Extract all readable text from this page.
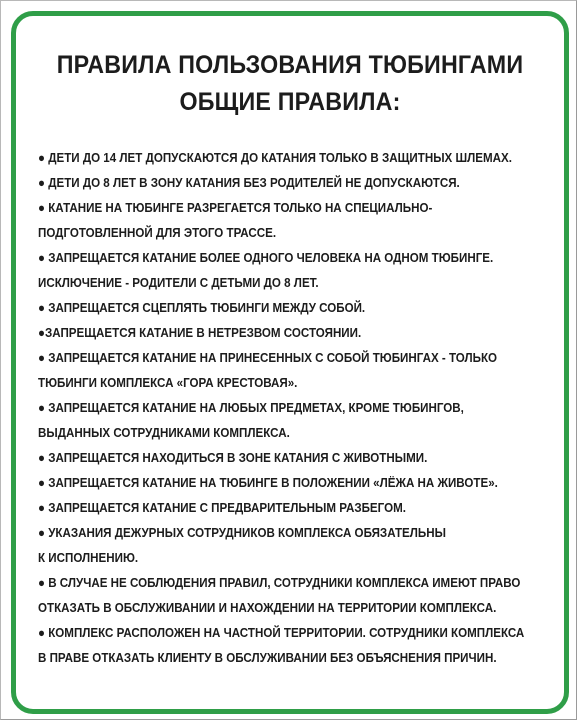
ПРАВИЛА ПОЛЬЗОВАНИЯ ТЮБИНГАМИ
ОБЩИЕ ПРАВИЛА:
● ДЕТИ ДО 14 ЛЕТ ДОПУСКАЮТСЯ ДО КАТАНИЯ ТОЛЬКО В ЗАЩИТНЫХ ШЛЕМАХ.
● ДЕТИ ДО 8 ЛЕТ В ЗОНУ КАТАНИЯ БЕЗ РОДИТЕЛЕЙ НЕ ДОПУСКАЮТСЯ.
● КАТАНИЕ НА ТЮБИНГЕ РАЗРЕГАЕТСЯ ТОЛЬКО НА СПЕЦИАЛЬНО-
ПОДГОТОВЛЕННОЙ ДЛЯ ЭТОГО ТРАССЕ.
● ЗАПРЕЩАЕТСЯ КАТАНИЕ БОЛЕЕ ОДНОГО ЧЕЛОВЕКА НА ОДНОМ ТЮБИНГЕ.
ИСКЛЮЧЕНИЕ - РОДИТЕЛИ С ДЕТЬМИ ДО 8 ЛЕТ.
● ЗАПРЕЩАЕТСЯ СЦЕПЛЯТЬ ТЮБИНГИ МЕЖДУ СОБОЙ.
●ЗАПРЕЩАЕТСЯ КАТАНИЕ В НЕТРЕЗВОМ СОСТОЯНИИ.
● ЗАПРЕЩАЕТСЯ КАТАНИЕ НА ПРИНЕСЕННЫХ С СОБОЙ ТЮБИНГАХ - ТОЛЬКО
ТЮБИНГИ КОМПЛЕКСА «ГОРА КРЕСТОВАЯ».
● ЗАПРЕЩАЕТСЯ КАТАНИЕ НА ЛЮБЫХ ПРЕДМЕТАХ, КРОМЕ ТЮБИНГОВ,
ВЫДАННЫХ СОТРУДНИКАМИ КОМПЛЕКСА.
● ЗАПРЕЩАЕТСЯ НАХОДИТЬСЯ В ЗОНЕ КАТАНИЯ С ЖИВОТНЫМИ.
● ЗАПРЕЩАЕТСЯ КАТАНИЕ НА ТЮБИНГЕ В ПОЛОЖЕНИИ «ЛЁЖА НА ЖИВОТЕ».
● ЗАПРЕЩАЕТСЯ КАТАНИЕ С ПРЕДВАРИТЕЛЬНЫМ РАЗБЕГОМ.
● УКАЗАНИЯ ДЕЖУРНЫХ СОТРУДНИКОВ КОМПЛЕКСА ОБЯЗАТЕЛЬНЫ
К ИСПОЛНЕНИЮ.
● В СЛУЧАЕ НЕ СОБЛЮДЕНИЯ ПРАВИЛ, СОТРУДНИКИ КОМПЛЕКСА ИМЕЮТ ПРАВО
ОТКАЗАТЬ В ОБСЛУЖИВАНИИ И НАХОЖДЕНИИ НА ТЕРРИТОРИИ КОМПЛЕКСА.
● КОМПЛЕКС РАСПОЛОЖЕН НА ЧАСТНОЙ ТЕРРИТОРИИ. СОТРУДНИКИ КОМПЛЕКСА
В ПРАВЕ ОТКАЗАТЬ КЛИЕНТУ В ОБСЛУЖИВАНИИ БЕЗ ОБЪЯСНЕНИЯ ПРИЧИН.
